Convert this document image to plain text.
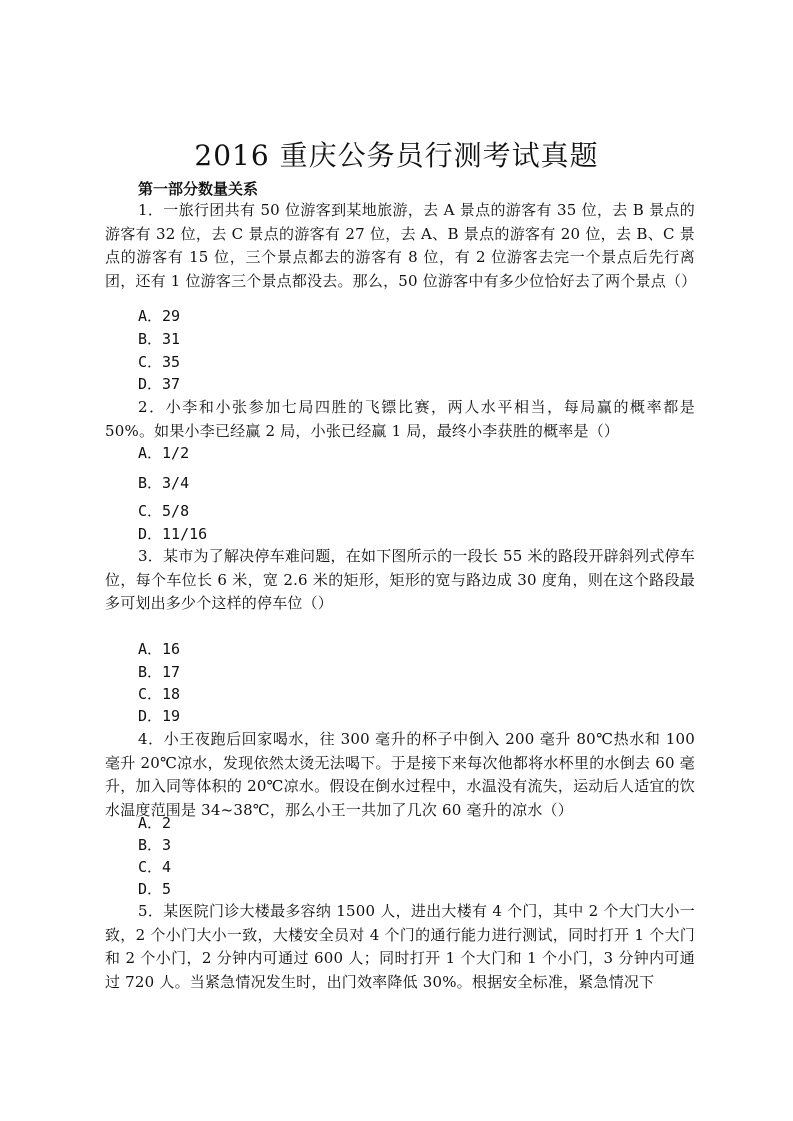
2016 重庆公务员行测考试真题
第一部分数量关系
1．一旅行团共有 50 位游客到某地旅游，去 A 景点的游客有 35 位，去 B 景点的游客有 32 位，去 C 景点的游客有 27 位，去 A、B 景点的游客有 20 位，去 B、C 景点的游客有 15 位，三个景点都去的游客有 8 位，有 2 位游客去完一个景点后先行离团，还有 1 位游客三个景点都没去。那么，50 位游客中有多少位恰好去了两个景点（）
A．29
B．31
C．35
D．37
2．小李和小张参加七局四胜的飞镖比赛，两人水平相当，每局赢的概率都是 50%。如果小李已经赢 2 局，小张已经赢 1 局，最终小李获胜的概率是（）
A．1/2
B．3/4
C．5/8
D．11/16
3．某市为了解决停车难问题，在如下图所示的一段长 55 米的路段开辟斜列式停车位，每个车位长 6 米，宽 2.6 米的矩形，矩形的宽与路边成 30 度角，则在这个路段最多可划出多少个这样的停车位（）
A．16
B．17
C．18
D．19
4．小王夜跑后回家喝水，往 300 毫升的杯子中倒入 200 毫升 80℃热水和 100 毫升 20℃凉水，发现依然太烫无法喝下。于是接下来每次他都将水杯里的水倒去 60 毫升，加入同等体积的 20℃凉水。假设在倒水过程中，水温没有流失，运动后人适宜的饮水温度范围是 34~38℃，那么小王一共加了几次 60 毫升的凉水（）
A．2
B．3
C．4
D．5
5．某医院门诊大楼最多容纳 1500 人，进出大楼有 4 个门，其中 2 个大门大小一致，2 个小门大小一致，大楼安全员对 4 个门的通行能力进行测试，同时打开 1 个大门和 2 个小门，2 分钟内可通过 600 人；同时打开 1 个大门和 1 个小门，3 分钟内可通过 720 人。当紧急情况发生时，出门效率降低 30%。根据安全标准，紧急情况下
